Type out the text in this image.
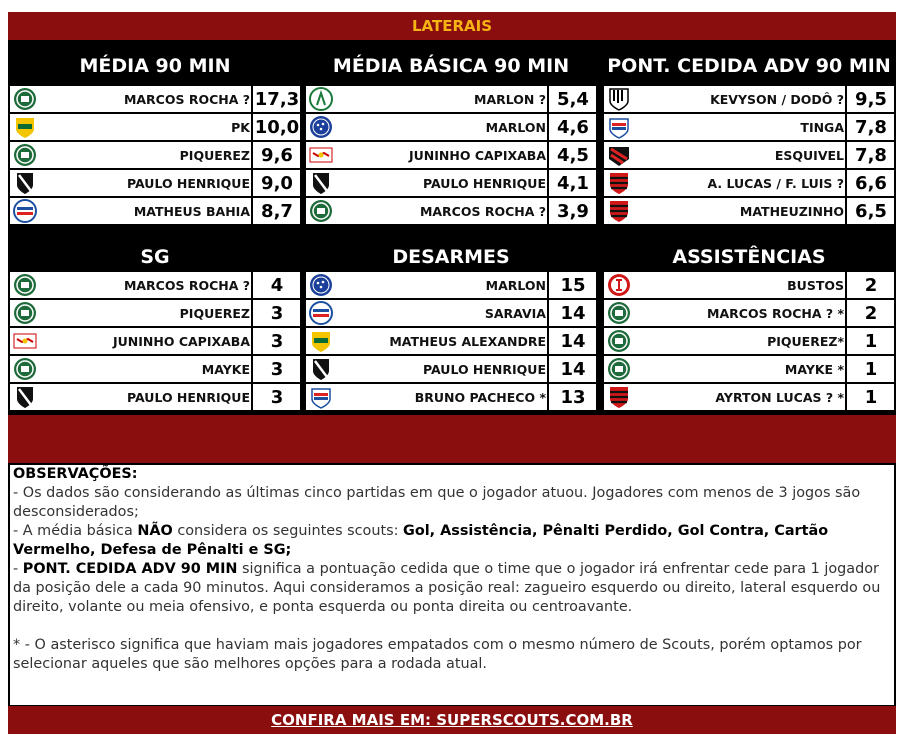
LATERAIS
MÉDIA 90 MIN
MARCOS ROCHA ? 17,3
PK 10,0
PIQUEREZ 9,6
PAULO HENRIQUE 9,0
MATHEUS BAHIA 8,7
MÉDIA BÁSICA 90 MIN
MARLON ? 5,4
MARLON 4,6
JUNINHO CAPIXABA 4,5
PAULO HENRIQUE 4,1
MARCOS ROCHA ? 3,9
PONT. CEDIDA ADV 90 MIN
KEVYSON / DODÔ ? 9,5
TINGA 7,8
ESQUIVEL 7,8
A. LUCAS / F. LUIS ? 6,6
MATHEUZINHO 6,5
SG
MARCOS ROCHA ?	4
PIQUEREZ	3
JUNINHO CAPIXABA	3
MAYKE	3
PAULO HENRIQUE	3
DESARMES
MARLON 15
SARAVIA 14
MATHEUS ALEXANDRE 14
PAULO HENRIQUE 14
BRUNO PACHECO * 13
ASSISTÊNCIAS
BUSTOS	2
MARCOS ROCHA ? *	2
PIQUEREZ*	1
MAYKE *	1
AYRTON LUCAS ? *	1

OBSERVAÇÕES:

- Os dados são considerando as últimas cinco partidas em que o jogador atuou. Jogadores com menos de 3 jogos são desconsiderados;

- A média básica NÃO considera os seguintes scouts: Gol, Assistência, Pênalti Perdido, Gol Contra, Cartão Vermelho, Defesa de Pênalti e SG;

- PONT. CEDIDA ADV 90 MIN significa a pontuação cedida que o time que o jogador irá enfrentar cede para 1 jogador da posição dele a cada 90 minutos. Aqui consideramos a posição real: zagueiro esquerdo ou direito, lateral esquerdo ou direito, volante ou meia ofensivo, e ponta esquerda ou ponta direita ou centroavante.

* - O asterisco significa que haviam mais jogadores empatados com o mesmo número de Scouts, porém optamos por selecionar aqueles que são melhores opções para a rodada atual.

CONFIRA MAIS EM: SUPERSCOUTS.COM.BR
